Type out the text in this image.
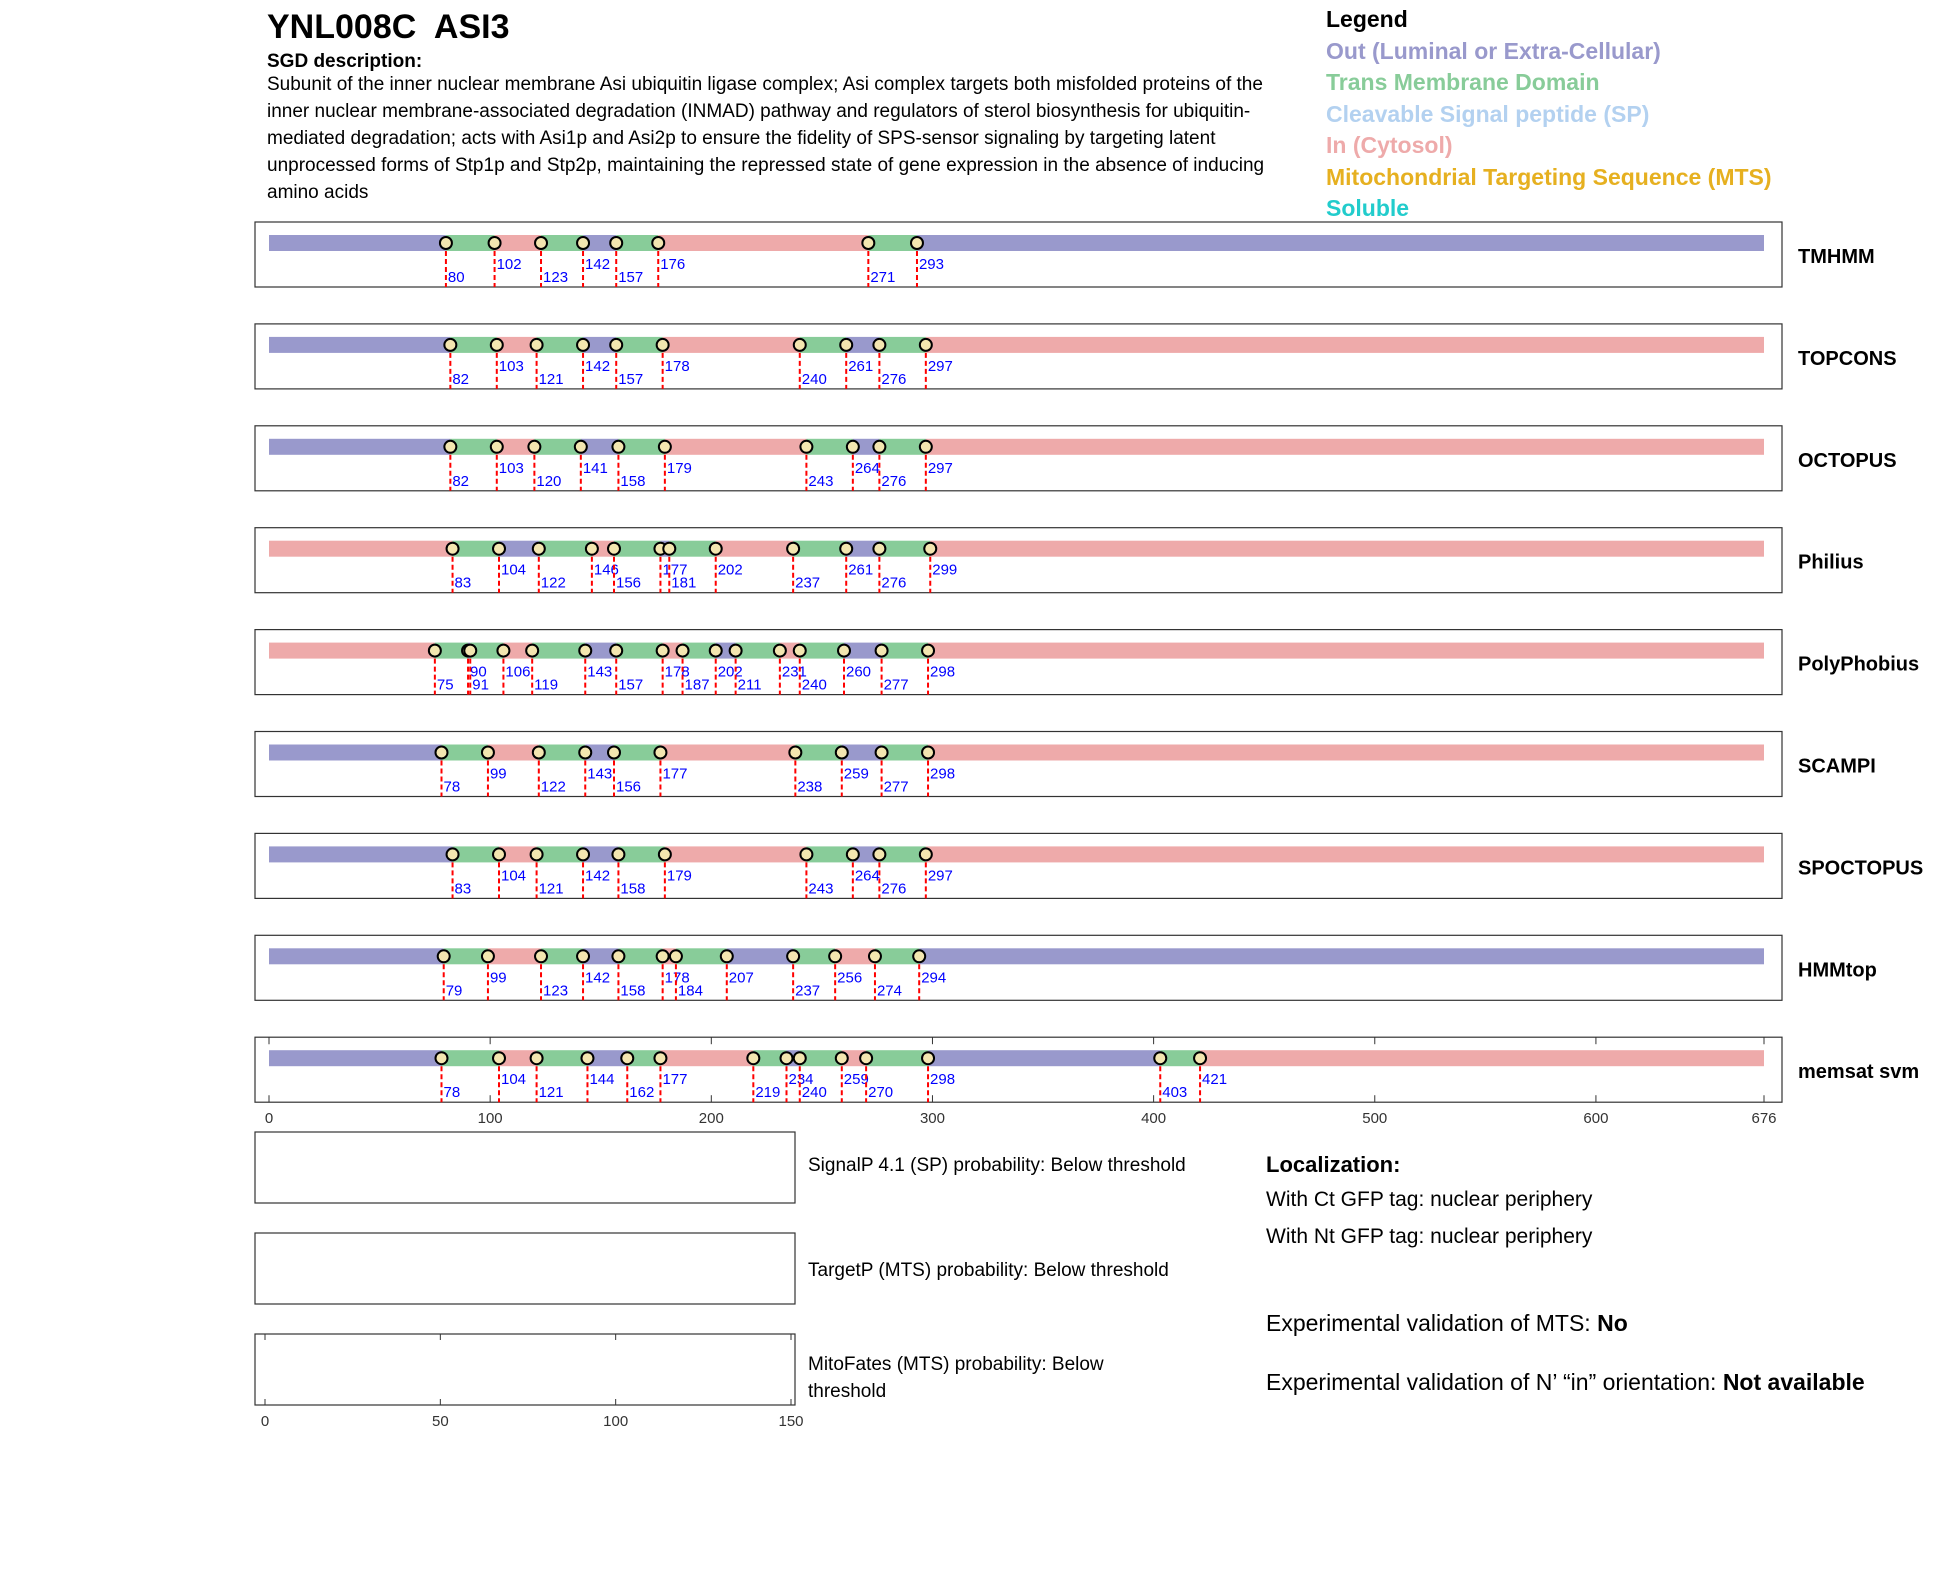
YNL008C  ASI3
SGD description:
Subunit of the inner nuclear membrane Asi ubiquitin ligase complex; Asi complex targets both misfolded proteins of the inner nuclear membrane-associated degradation (INMAD) pathway and regulators of sterol biosynthesis for ubiquitin-mediated degradation; acts with Asi1p and Asi2p to ensure the fidelity of SPS-sensor signaling by targeting latent unprocessed forms of Stp1p and Stp2p, maintaining the repressed state of gene expression in the absence of inducing amino acids
Legend
Out (Luminal or Extra-Cellular)
Trans Membrane Domain
Cleavable Signal peptide (SP)
In (Cytosol)
Mitochondrial Targeting Sequence (MTS)
Soluble
80
102
123
142
157
176
271
293	TMHMM
82
103
121
142
157
178
240
261
276
297	TOPCONS
82
103
120
141
158
179
243
264
276
297	OCTOPUS
83
104
122
146
156
177
181
202
237
261
276
299	Philius
75
90
91
106
119
143
157
178
187
202
211
231
240
260
277
298	PolyPhobius
78
99
122
143
156
177
238
259
277
298	SCAMPI
83
104
121
142
158
179
243
264
276
297	SPOCTOPUS
79
99
123
142
158
178
184
207
237
256
274
294	HMMtop
78
104
121
144
162
177
219
234
240
259
270
298
403
421	memsat svm
0	100	200	300	400	500	600	676
0	50	100	150
SignalP 4.1 (SP) probability: Below threshold
TargetP (MTS) probability: Below threshold
MitoFates (MTS) probability: Below threshold
Localization:
With Ct GFP tag: nuclear periphery
With Nt GFP tag: nuclear periphery
Experimental validation of MTS: No
Experimental validation of N’ “in” orientation: Not available
